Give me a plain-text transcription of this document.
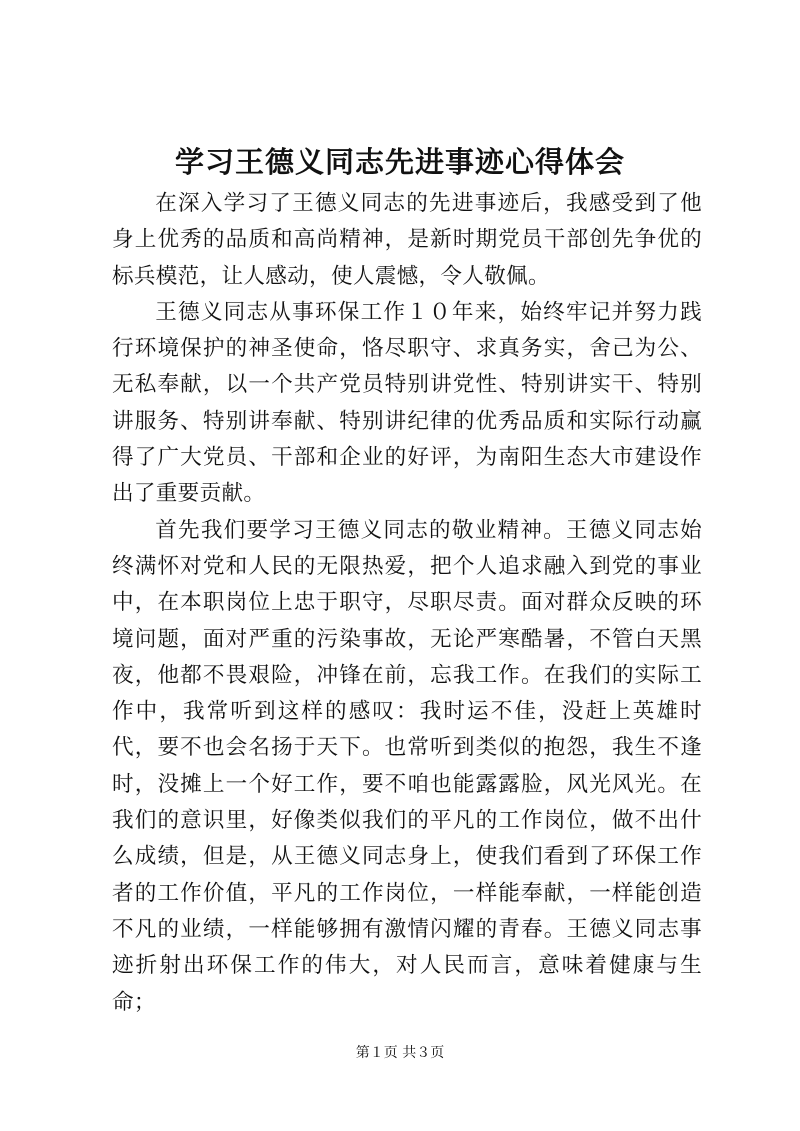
学习王德义同志先进事迹心得体会

在深入学习了王德义同志的先进事迹后，我感受到了他身上优秀的品质和高尚精神，是新时期党员干部创先争优的标兵模范，让人感动，使人震憾，令人敬佩。

王德义同志从事环保工作１０年来，始终牢记并努力践行环境保护的神圣使命，恪尽职守、求真务实，舍己为公、无私奉献，以一个共产党员特别讲党性、特别讲实干、特别讲服务、特别讲奉献、特别讲纪律的优秀品质和实际行动赢得了广大党员、干部和企业的好评，为南阳生态大市建设作出了重要贡献。

首先我们要学习王德义同志的敬业精神。王德义同志始终满怀对党和人民的无限热爱，把个人追求融入到党的事业中，在本职岗位上忠于职守，尽职尽责。面对群众反映的环境问题，面对严重的污染事故，无论严寒酷暑，不管白天黑夜，他都不畏艰险，冲锋在前，忘我工作。在我们的实际工作中，我常听到这样的感叹：我时运不佳，没赶上英雄时代，要不也会名扬于天下。也常听到类似的抱怨，我生不逢时，没摊上一个好工作，要不咱也能露露脸，风光风光。在我们的意识里，好像类似我们的平凡的工作岗位，做不出什么成绩，但是，从王德义同志身上，使我们看到了环保工作者的工作价值，平凡的工作岗位，一样能奉献，一样能创造不凡的业绩，一样能够拥有激情闪耀的青春。王德义同志事迹折射出环保工作的伟大，对人民而言，意味着健康与生命；

第１页 共３页
